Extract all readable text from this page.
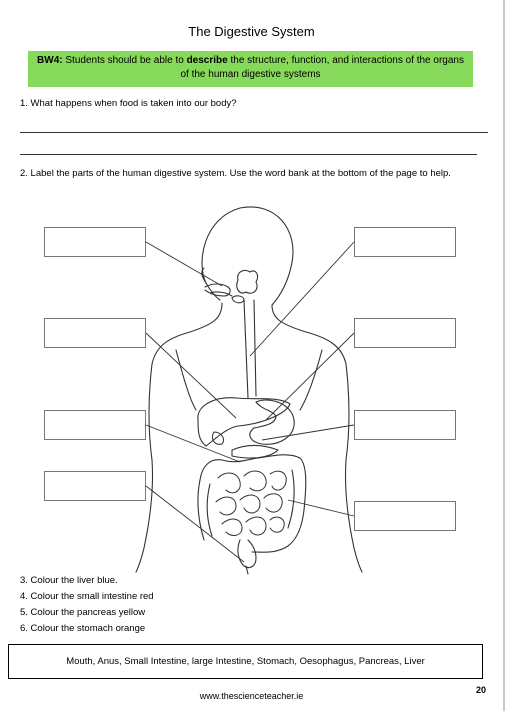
The Digestive System
BW4: Students should be able to describe the structure, function, and interactions of the organs of the human digestive systems
1. What happens when food is taken into our body?
2. Label the parts of the human digestive system. Use the word bank at the bottom of the page to help.
3. Colour the liver blue.
4. Colour the small intestine red
5. Colour the pancreas yellow
6. Colour the stomach orange
Mouth, Anus, Small Intestine, large Intestine, Stomach, Oesophagus, Pancreas, Liver
20
www.thescienceteacher.ie
